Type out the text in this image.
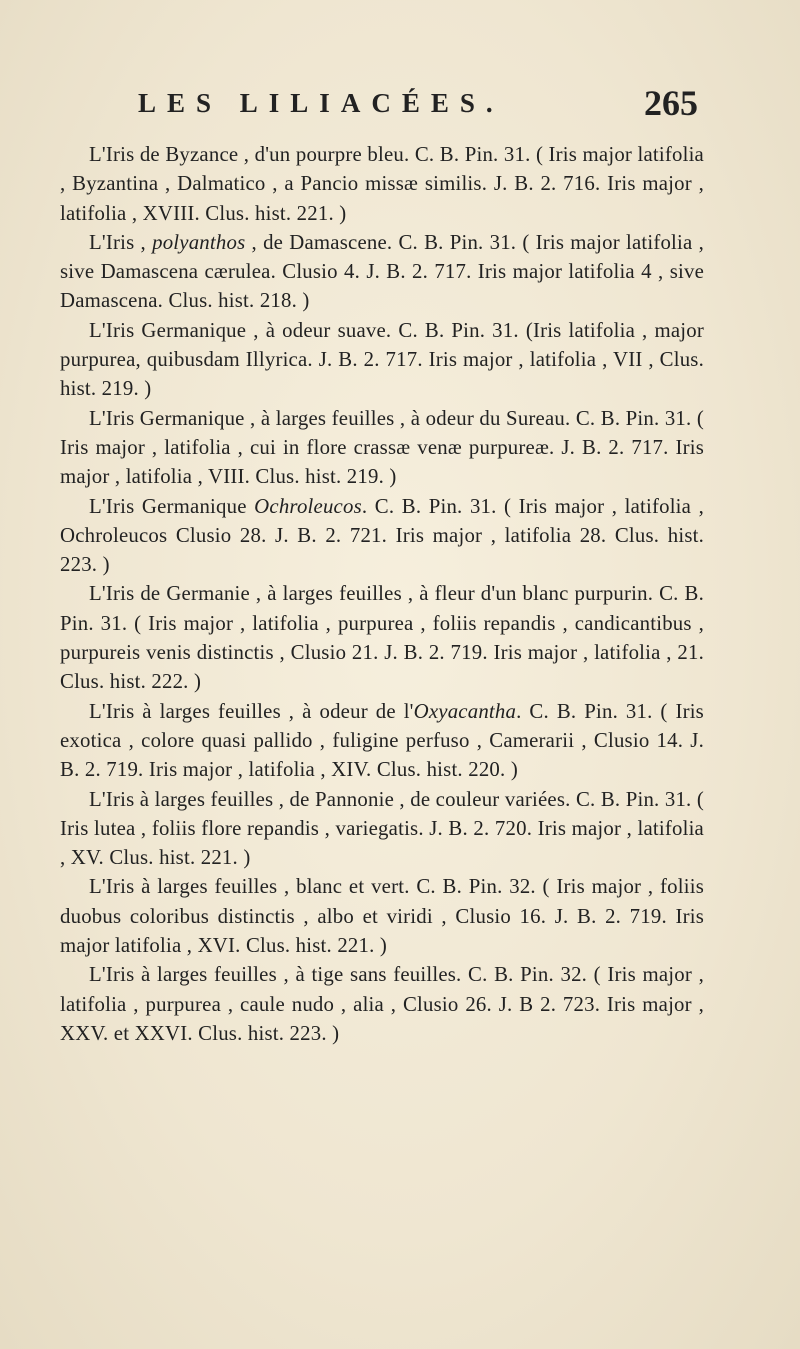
LES LILIACÉES.	265

L'Iris de Byzance , d'un pourpre bleu. C. B. Pin. 31. ( Iris major latifolia , Byzantina , Dalmatico , a Pancio missæ similis. J. B. 2. 716. Iris major , latifolia , XVIII. Clus. hist. 221. )

L'Iris , polyanthos , de Damascene. C. B. Pin. 31. ( Iris major latifolia , sive Damascena cærulea. Clusio 4. J. B. 2. 717. Iris major latifolia 4 , sive Damascena. Clus. hist. 218. )

L'Iris Germanique , à odeur suave. C. B. Pin. 31. (Iris latifolia , major purpurea, quibusdam Illyrica. J. B. 2. 717. Iris major , latifolia , VII , Clus. hist. 219. )

L'Iris Germanique , à larges feuilles , à odeur du Sureau. C. B. Pin. 31. ( Iris major , latifolia , cui in flore crassæ venæ purpureæ. J. B. 2. 717. Iris major , latifolia , VIII. Clus. hist. 219. )

L'Iris Germanique Ochroleucos. C. B. Pin. 31. ( Iris major , latifolia , Ochroleucos Clusio 28. J. B. 2. 721. Iris major , latifolia 28. Clus. hist. 223. )

L'Iris de Germanie , à larges feuilles , à fleur d'un blanc purpurin. C. B. Pin. 31. ( Iris major , latifolia , purpurea , foliis repandis , candicantibus , purpureis venis distinctis , Clusio 21. J. B. 2. 719. Iris major , latifolia , 21. Clus. hist. 222. )

L'Iris à larges feuilles , à odeur de l'Oxyacantha. C. B. Pin. 31. ( Iris exotica , colore quasi pallido , fuligine perfuso , Camerarii , Clusio 14. J. B. 2. 719. Iris major , latifolia , XIV. Clus. hist. 220. )

L'Iris à larges feuilles , de Pannonie , de couleur variées. C. B. Pin. 31. ( Iris lutea , foliis flore repandis , variegatis. J. B. 2. 720. Iris major , latifolia , XV. Clus. hist. 221. )

L'Iris à larges feuilles , blanc et vert. C. B. Pin. 32. ( Iris major , foliis duobus coloribus distinctis , albo et viridi , Clusio 16. J. B. 2. 719. Iris major latifolia , XVI. Clus. hist. 221. )

L'Iris à larges feuilles , à tige sans feuilles. C. B. Pin. 32. ( Iris major , latifolia , purpurea , caule nudo , alia , Clusio 26. J. B 2. 723. Iris major , XXV. et XXVI. Clus. hist. 223. )
